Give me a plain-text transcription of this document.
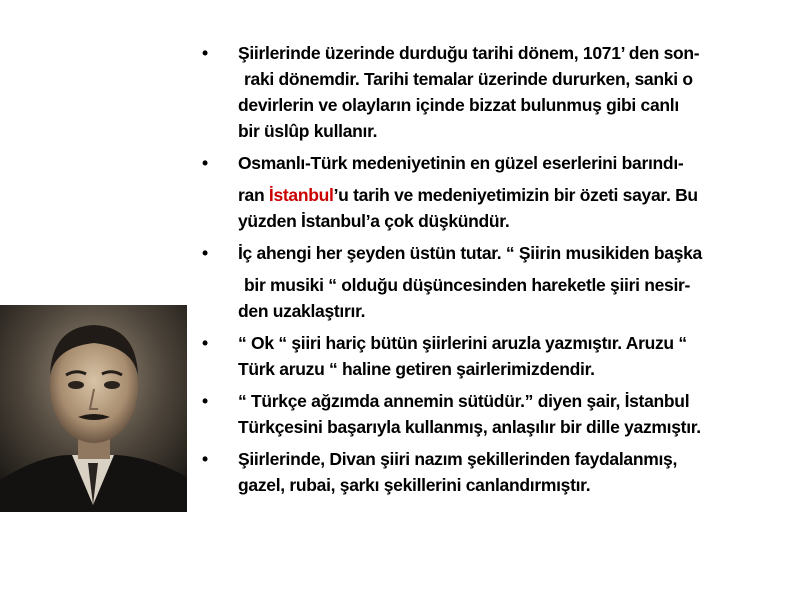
• Şiirlerinde üzerinde durduğu tarihi dönem, 1071’ den son-
raki dönemdir. Tarihi temalar üzerinde dururken, sanki o
devirlerin ve olayların içinde bizzat bulunmuş gibi canlı
bir üslûp kullanır.
• Osmanlı-Türk medeniyetinin en güzel eserlerini barındı-
ran İstanbul’u tarih ve medeniyetimizin bir özeti sayar. Bu
yüzden İstanbul’a çok düşkündür.
• İç ahengi her şeyden üstün tutar. “ Şiirin musikiden başka
bir musiki “ olduğu düşüncesinden hareketle şiiri nesir-
den uzaklaştırır.
• “ Ok “ şiiri hariç bütün şiirlerini aruzla yazmıştır. Aruzu “
Türk aruzu “ haline getiren şairlerimizdendir.
• “ Türkçe ağzımda annemin sütüdür.” diyen şair, İstanbul
Türkçesini başarıyla kullanmış, anlaşılır bir dille yazmıştır.
• Şiirlerinde, Divan şiiri nazım şekillerinden faydalanmış,
gazel, rubai, şarkı şekillerini canlandırmıştır.
